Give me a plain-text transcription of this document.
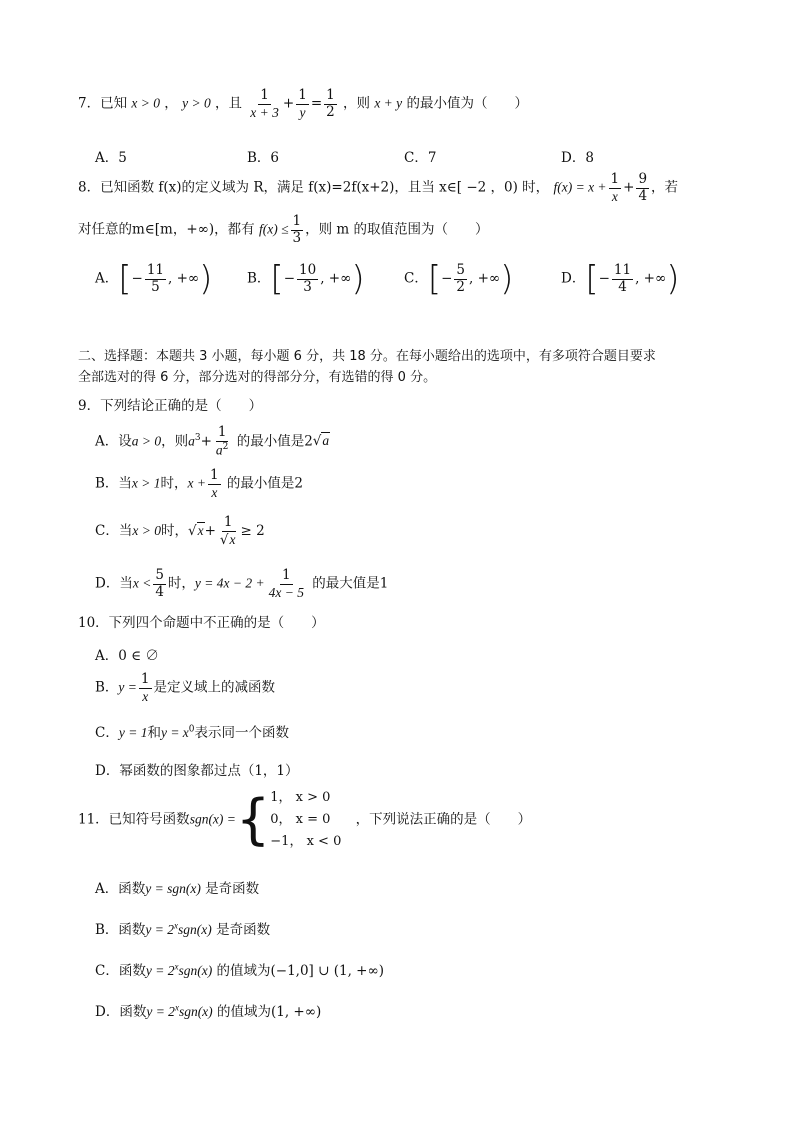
7．已知 x > 0 ， y > 0 ，且 $\frac{1}{x + 3} + \frac{1}{y} = \frac{1}{2}$ ，则 x + y 的最小值为（　　）
A．5	B．6	C．7	D．8
8．已知函数 f(x)的定义域为 R，满足 f(x)=2f(x+2)，且当 x∈[ −2 ，0) 时， $f(x) = x + \frac{1}{x} + \frac{9}{4}$ ，若
对任意的m∈[m，+∞)，都有 $f(x) \le \frac{1}{3}$ ，则 m 的取值范围为（　　）
A．[− $\frac{11}{5}$ , +∞)	B．[− $\frac{10}{3}$ , +∞)	C．[− $\frac{5}{2}$ , +∞)	D．[− $\frac{11}{4}$ , +∞)
二、选择题：本题共 3 小题，每小题 6 分，共 18 分。在每小题给出的选项中，有多项符合题目要求
全部选对的得 6 分，部分选对的得部分分，有选错的得 0 分。
9．下列结论正确的是（　　）
A．设a > 0，则$a^3+ \frac{1}{a^2}$ 的最小值是2√a
B．当x > 1时，$x + \frac{1}{x}$ 的最小值是2
C．当x > 0时，$√x+ \frac{1}{√x} \ge 2$
D．当$x < \frac{5}{4}$ 时，$y = 4x - 2 + \frac{1}{4x - 5}$ 的最大值是1
10．下列四个命题中不正确的是（　　）
A．0 ∈ ∅
B．$y = \frac{1}{x}$ 是定义域上的减函数
C．y = 1和$y = x^0$表示同一个函数
D．幂函数的图象都过点（1，1）
11．已知符号函数sgn(x) ={ 1， x > 0
0， x = 0
−1， x < 0
，下列说法正确的是（　　）
A．函数y = sgn(x) 是奇函数
B．函数$y = 2^xsgn(x)$ 是奇函数
C．函数$y = 2^xsgn(x)$ 的值域为(−1,0] ∪ (1, +∞)
D．函数$y = 2^xsgn(x)$ 的值域为(1, +∞)
